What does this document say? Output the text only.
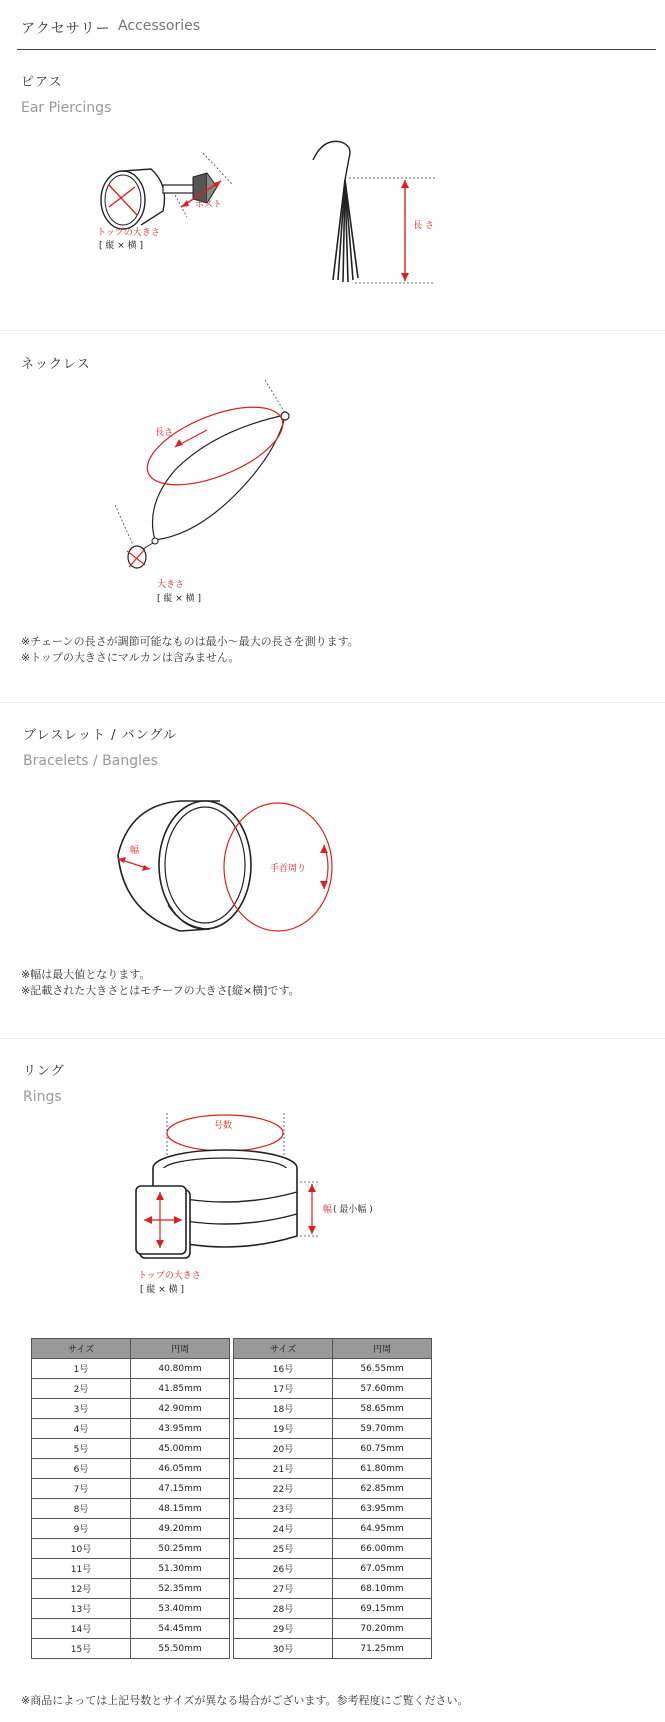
アクセサリー Accessories
ピアス
Ear Piercings
ポスト
トップの大きさ
[ 縦 × 横 ]
長 さ
ネックレス
長さ
大きさ
[ 縦 × 横 ]
※チェーンの長さが調節可能なものは最小〜最大の長さを測ります。
※トップの大きさにマルカンは含みません。
ブレスレット / バングル
Bracelets / Bangles
幅
手首周り
※幅は最大値となります。
※記載された大きさとはモチーフの大きさ[縦×横]です。
リング
Rings
号数
幅 ( 最小幅 )
トップの大きさ
[ 縦 × 横 ]
サイズ	円周		サイズ	円周
1号	40.80mm		16号	56.55mm
2号	41.85mm		17号	57.60mm
3号	42.90mm		18号	58.65mm
4号	43.95mm		19号	59.70mm
5号	45.00mm		20号	60.75mm
6号	46.05mm		21号	61.80mm
7号	47.15mm		22号	62.85mm
8号	48.15mm		23号	63.95mm
9号	49.20mm		24号	64.95mm
10号	50.25mm		25号	66.00mm
11号	51.30mm		26号	67.05mm
12号	52.35mm		27号	68.10mm
13号	53.40mm		28号	69.15mm
14号	54.45mm		29号	70.20mm
15号	55.50mm		30号	71.25mm
※商品によっては上記号数とサイズが異なる場合がございます。参考程度にご覧ください。
